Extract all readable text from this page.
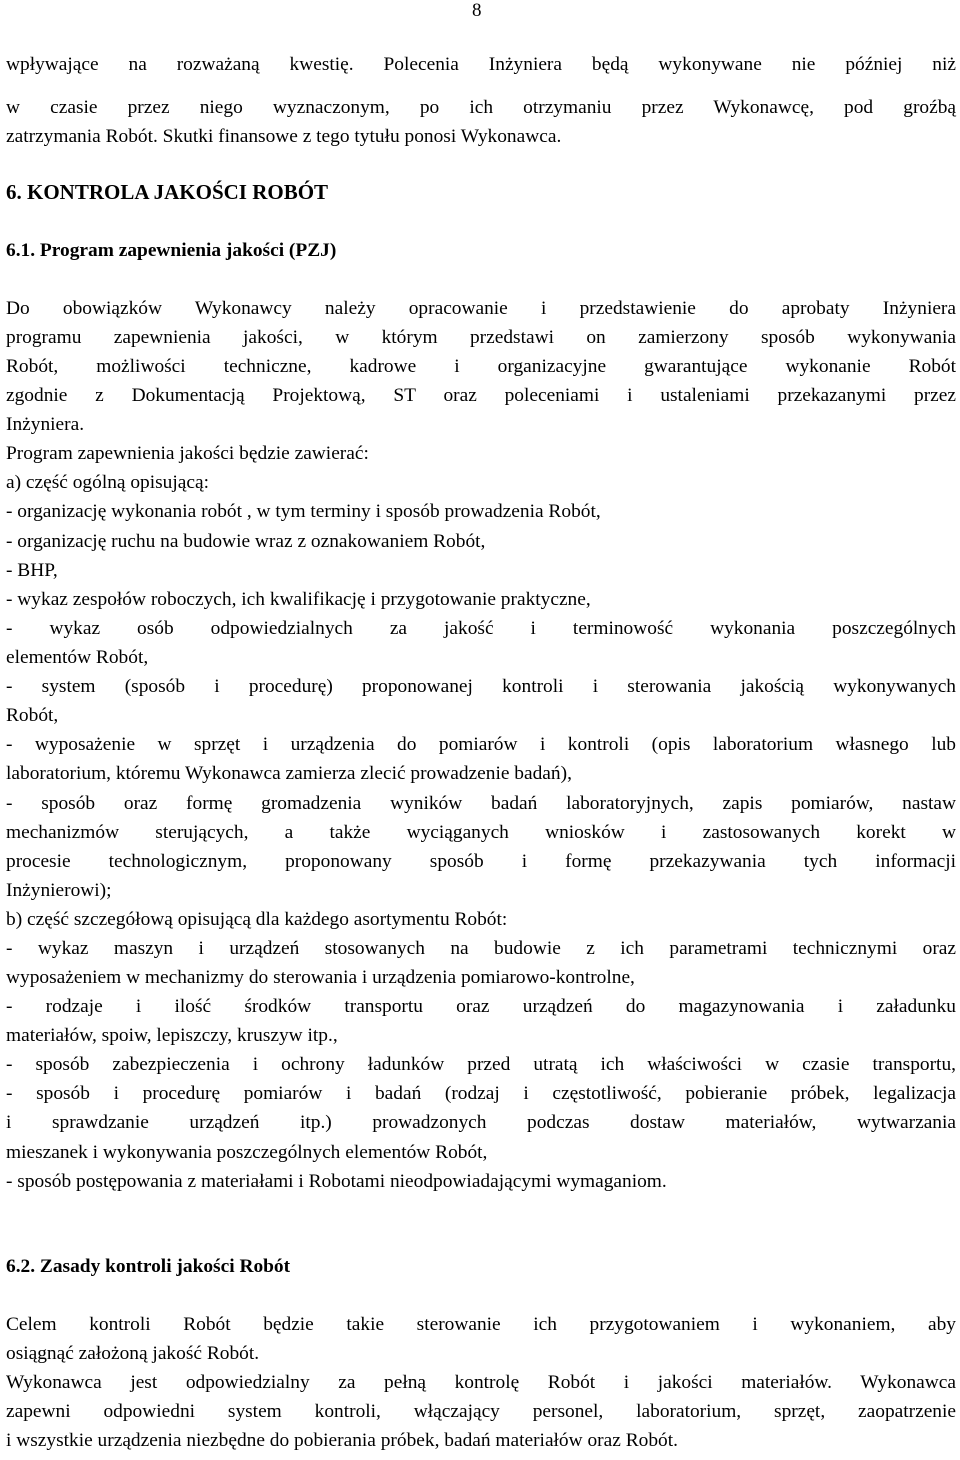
8
wpływające na rozważaną kwestię. Polecenia Inżyniera będą wykonywane nie później niż
w czasie przez niego wyznaczonym, po ich otrzymaniu przez Wykonawcę, pod groźbą
zatrzymania Robót. Skutki finansowe z tego tytułu ponosi Wykonawca.
6. KONTROLA JAKOŚCI ROBÓT
6.1. Program zapewnienia jakości (PZJ)
Do obowiązków Wykonawcy należy opracowanie i przedstawienie do aprobaty Inżyniera
programu zapewnienia jakości, w którym przedstawi on zamierzony sposób wykonywania
Robót, możliwości techniczne, kadrowe i organizacyjne gwarantujące wykonanie Robót
zgodnie z Dokumentacją Projektową, ST oraz poleceniami i ustaleniami przekazanymi przez
Inżyniera.
Program zapewnienia jakości będzie zawierać:
a) część ogólną opisującą:
- organizację wykonania robót , w tym terminy i sposób prowadzenia Robót,
- organizację ruchu na budowie wraz z oznakowaniem Robót,
- BHP,
- wykaz zespołów roboczych, ich kwalifikację i przygotowanie praktyczne,
- wykaz osób odpowiedzialnych za jakość i terminowość wykonania poszczególnych
elementów Robót,
- system (sposób i procedurę) proponowanej kontroli i sterowania jakością wykonywanych
Robót,
- wyposażenie w sprzęt i urządzenia do pomiarów i kontroli (opis laboratorium własnego lub
laboratorium, któremu Wykonawca zamierza zlecić prowadzenie badań),
- sposób oraz formę gromadzenia wyników badań laboratoryjnych, zapis pomiarów, nastaw
mechanizmów sterujących, a także wyciąganych wniosków i zastosowanych korekt w
procesie technologicznym, proponowany sposób i formę przekazywania tych informacji
Inżynierowi);
b) część szczegółową opisującą dla każdego asortymentu Robót:
- wykaz maszyn i urządzeń stosowanych na budowie z ich parametrami technicznymi oraz
wyposażeniem w mechanizmy do sterowania i urządzenia pomiarowo-kontrolne,
- rodzaje i ilość środków transportu oraz urządzeń do magazynowania i załadunku
materiałów, spoiw, lepiszczy, kruszyw itp.,
- sposób zabezpieczenia i ochrony ładunków przed utratą ich właściwości w czasie transportu,
- sposób i procedurę pomiarów i badań (rodzaj i częstotliwość, pobieranie próbek, legalizacja
i sprawdzanie urządzeń itp.) prowadzonych podczas dostaw materiałów, wytwarzania
mieszanek i wykonywania poszczególnych elementów Robót,
- sposób postępowania z materiałami i Robotami nieodpowiadającymi wymaganiom.
6.2. Zasady kontroli jakości Robót
Celem kontroli Robót będzie takie sterowanie ich przygotowaniem i wykonaniem, aby
osiągnąć założoną jakość Robót.
Wykonawca jest odpowiedzialny za pełną kontrolę Robót i jakości materiałów. Wykonawca
zapewni odpowiedni system kontroli, włączający personel, laboratorium, sprzęt, zaopatrzenie
i wszystkie urządzenia niezbędne do pobierania próbek, badań materiałów oraz Robót.
